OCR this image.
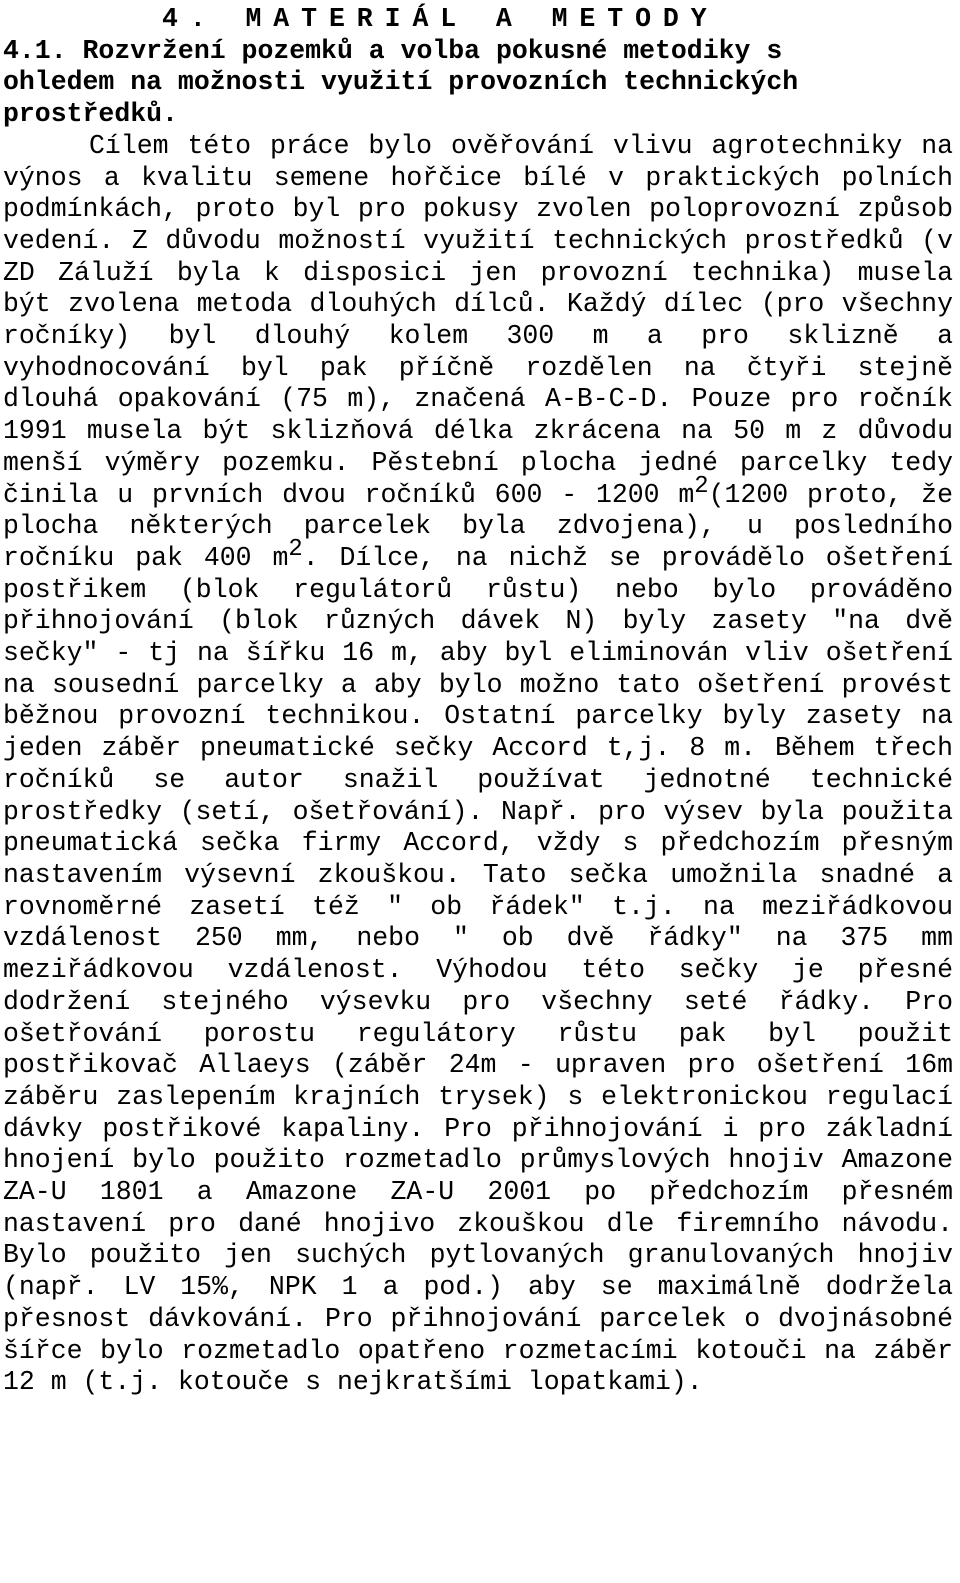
4. MATERIÁL A METODY
4.1. Rozvržení pozemků a volba pokusné metodiky s
ohledem na možnosti využití provozních technických
prostředků.

Cílem této práce bylo ověřování vlivu agrotechniky na výnos a kvalitu semene hořčice bílé v praktických polních podmínkách, proto byl pro pokusy zvolen poloprovozní způsob vedení. Z důvodu možností využití technických prostředků (v ZD Záluží byla k disposici jen provozní technika) musela být zvolena metoda dlouhých dílců. Každý dílec (pro všechny ročníky) byl dlouhý kolem 300 m a pro sklizně a vyhodnocování byl pak příčně rozdělen na čtyři stejně dlouhá opakování (75 m), značená A-B-C-D. Pouze pro ročník 1991 musela být sklizňová délka zkrácena na 50 m z důvodu menší výměry pozemku. Pěstební plocha jedné parcelky tedy činila u prvních dvou ročníků 600 - 1200 $m^2(1200$ proto, že plocha některých parcelek byla zdvojena), u posledního ročníku pak 400 $m^2$. Dílce, na nichž se provádělo ošetření postřikem (blok regulátorů růstu) nebo bylo prováděno přihnojování (blok různých dávek N) byly zasety "na dvě sečky" - tj na šířku 16 m, aby byl eliminován vliv ošetření na sousední parcelky a aby bylo možno tato ošetření provést běžnou provozní technikou. Ostatní parcelky byly zasety na jeden záběr pneumatické sečky Accord t,j. 8 m. Během třech ročníků se autor snažil používat jednotné technické prostředky (setí, ošetřování). Např. pro výsev byla použita pneumatická sečka firmy Accord, vždy s předchozím přesným nastavením výsevní zkouškou. Tato sečka umožnila snadné a rovnoměrné zasetí též " ob řádek" t.j. na meziřádkovou vzdálenost 250 mm, nebo " ob dvě řádky" na 375 mm meziřádkovou vzdálenost. Výhodou této sečky je přesné dodržení stejného výsevku pro všechny seté řádky. Pro ošetřování porostu regulátory růstu pak byl použit postřikovač Allaeys (záběr 24m - upraven pro ošetření 16m záběru zaslepením krajních trysek) s elektronickou regulací dávky postřikové kapaliny. Pro přihnojování i pro základní hnojení bylo použito rozmetadlo průmyslových hnojiv Amazone ZA-U 1801 a Amazone ZA-U 2001 po předchozím přesném nastavení pro dané hnojivo zkouškou dle firemního návodu. Bylo použito jen suchých pytlovaných granulovaných hnojiv (např. LV 15%, NPK 1 a pod.) aby se maximálně dodržela přesnost dávkování. Pro přihnojování parcelek o dvojnásobné šířce bylo rozmetadlo opatřeno rozmetacími kotouči na záběr 12 m (t.j. kotouče s nejkratšími lopatkami).
